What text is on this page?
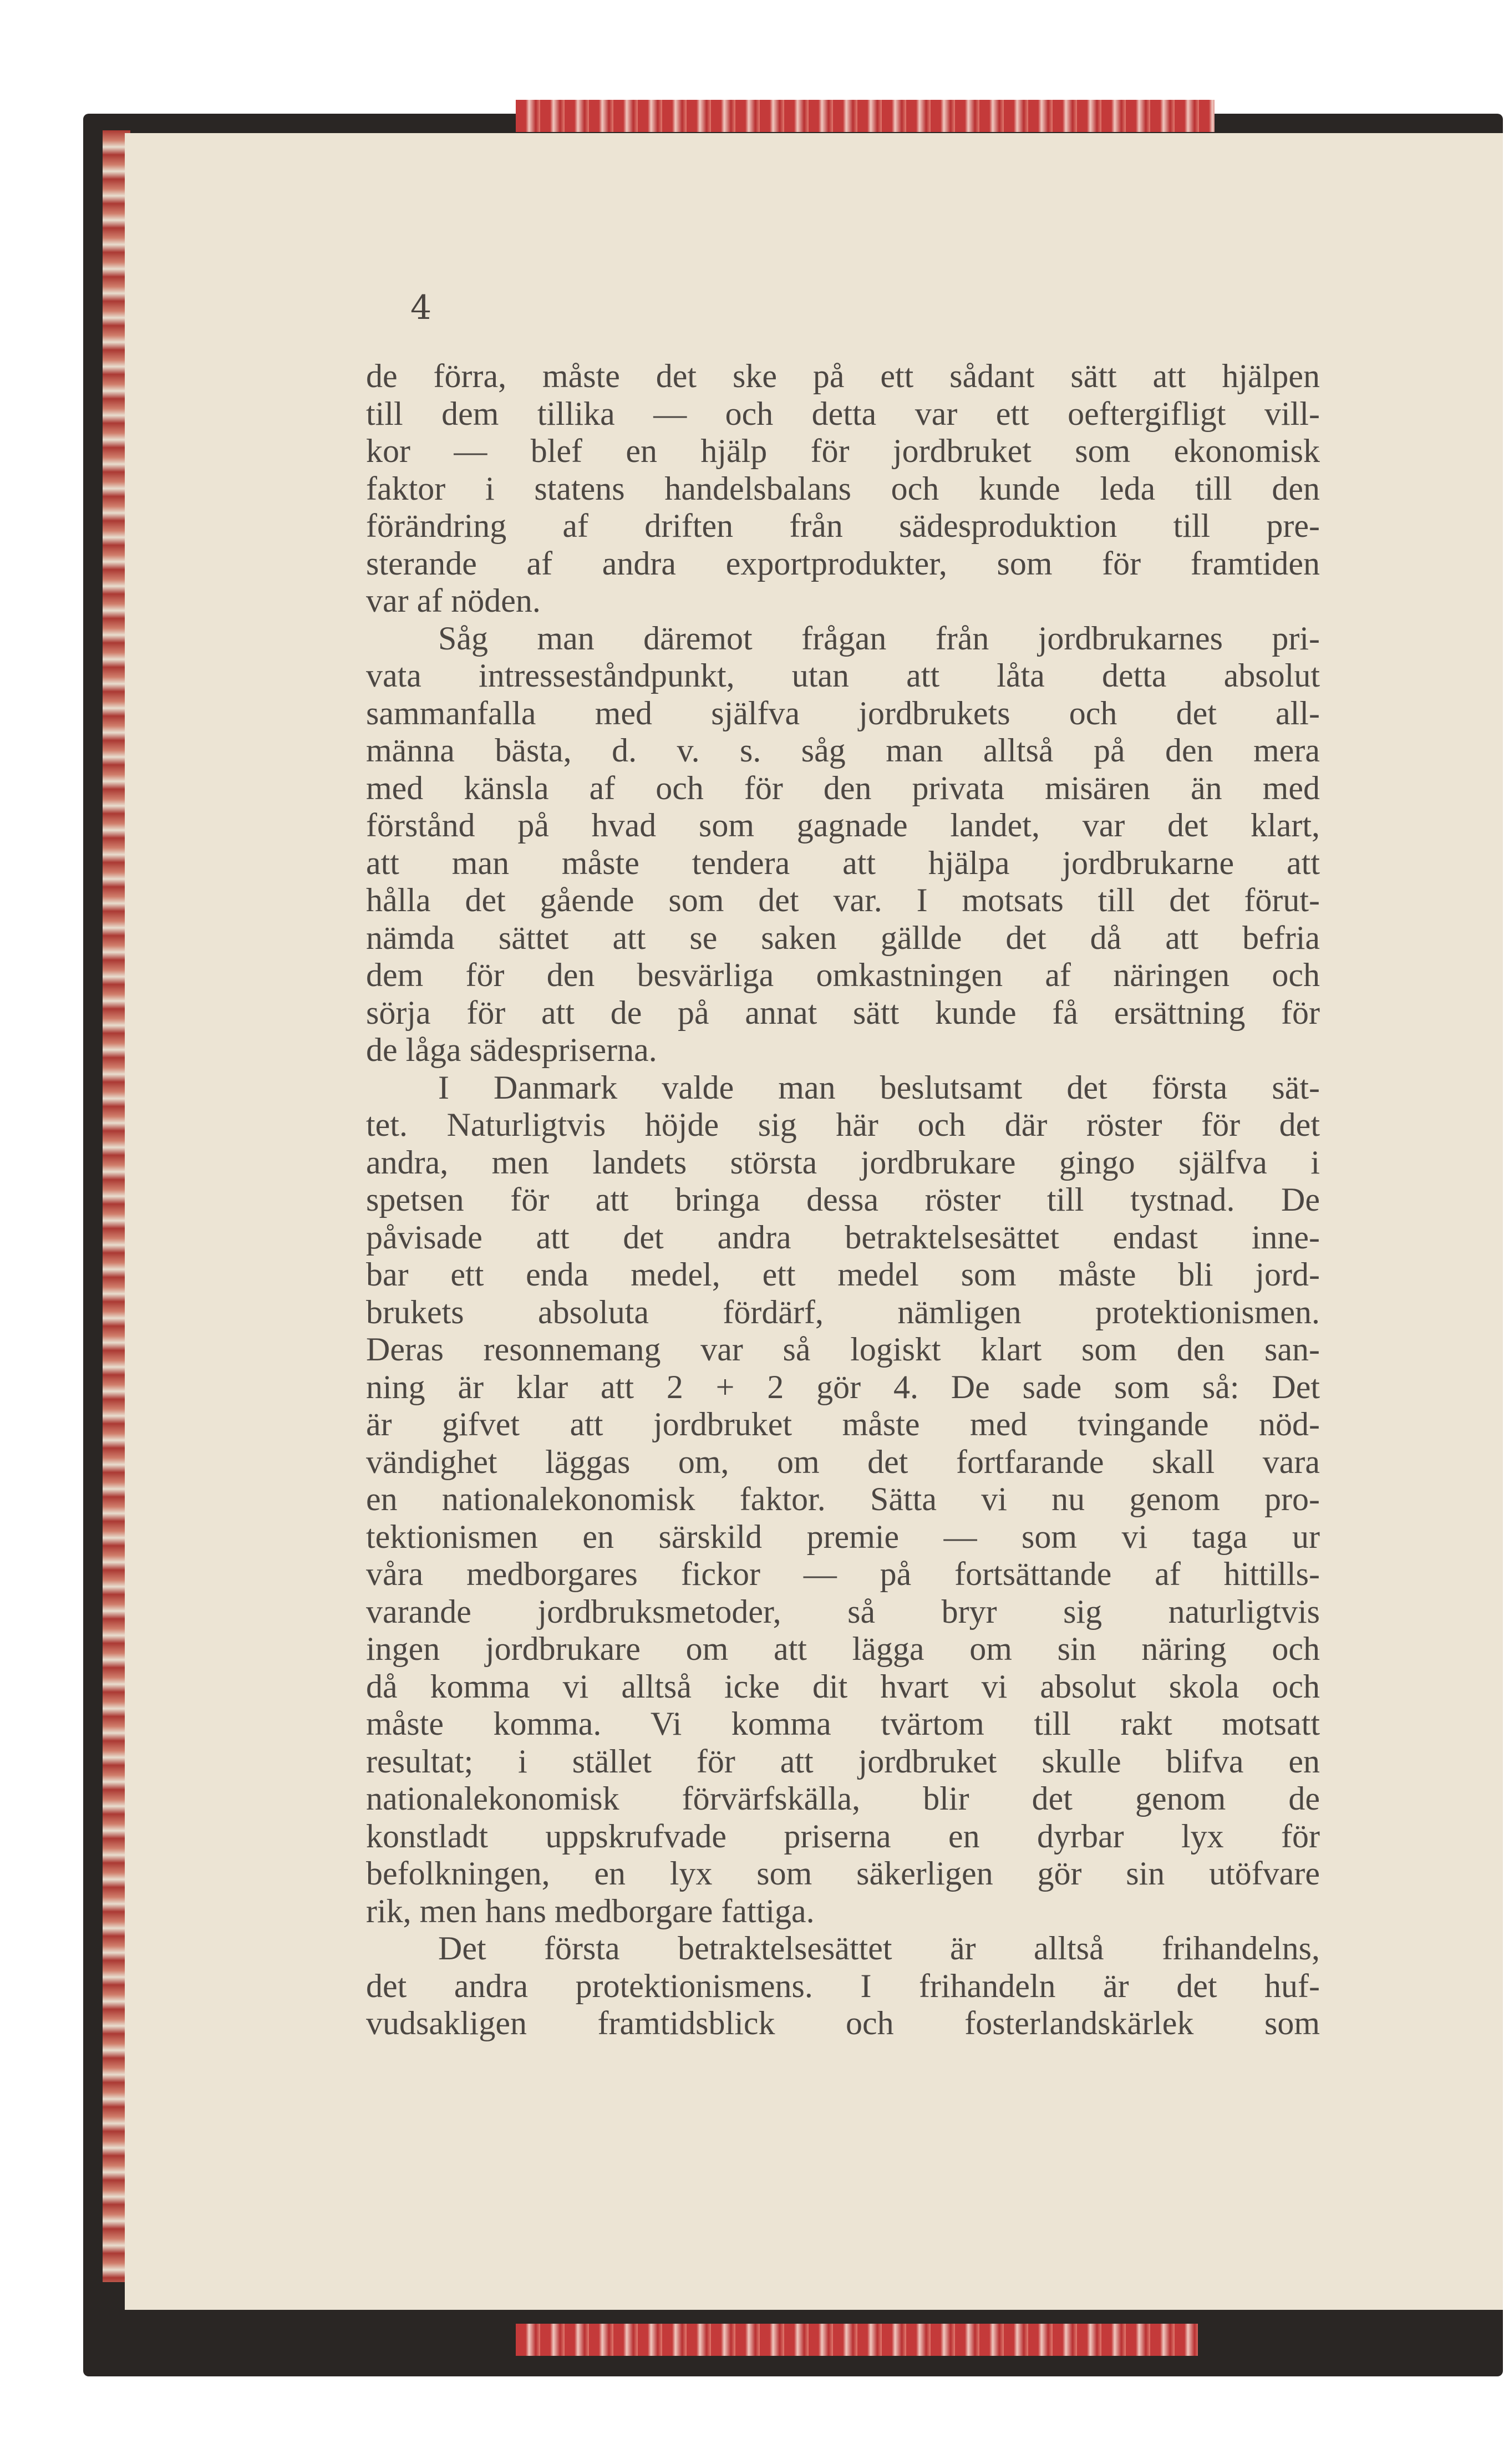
4
de förra, måste det ske på ett sådant sätt att hjälpen
till dem tillika — och detta var ett oeftergifligt vill-
kor — blef en hjälp för jordbruket som ekonomisk
faktor i statens handelsbalans och kunde leda till den
förändring af driften från sädesproduktion till pre-
sterande af andra exportprodukter, som för framtiden
var af nöden.
Såg man däremot frågan från jordbrukarnes pri-
vata intresseståndpunkt, utan att låta detta absolut
sammanfalla med själfva jordbrukets och det all-
männa bästa, d. v. s. såg man alltså på den mera
med känsla af och för den privata misären än med
förstånd på hvad som gagnade landet, var det klart,
att man måste tendera att hjälpa jordbrukarne att
hålla det gående som det var. I motsats till det förut-
nämda sättet att se saken gällde det då att befria
dem för den besvärliga omkastningen af näringen och
sörja för att de på annat sätt kunde få ersättning för
de låga sädespriserna.
I Danmark valde man beslutsamt det första sät-
tet. Naturligtvis höjde sig här och där röster för det
andra, men landets största jordbrukare gingo själfva i
spetsen för att bringa dessa röster till tystnad. De
påvisade att det andra betraktelsesättet endast inne-
bar ett enda medel, ett medel som måste bli jord-
brukets absoluta fördärf, nämligen protektionismen.
Deras resonnemang var så logiskt klart som den san-
ning är klar att 2 + 2 gör 4. De sade som så: Det
är gifvet att jordbruket måste med tvingande nöd-
vändighet läggas om, om det fortfarande skall vara
en nationalekonomisk faktor. Sätta vi nu genom pro-
tektionismen en särskild premie — som vi taga ur
våra medborgares fickor — på fortsättande af hittills-
varande jordbruksmetoder, så bryr sig naturligtvis
ingen jordbrukare om att lägga om sin näring och
då komma vi alltså icke dit hvart vi absolut skola och
måste komma. Vi komma tvärtom till rakt motsatt
resultat; i stället för att jordbruket skulle blifva en
nationalekonomisk förvärfskälla, blir det genom de
konstladt uppskrufvade priserna en dyrbar lyx för
befolkningen, en lyx som säkerligen gör sin utöfvare
rik, men hans medborgare fattiga.
Det första betraktelsesättet är alltså frihandelns,
det andra protektionismens. I frihandeln är det huf-
vudsakligen framtidsblick och fosterlandskärlek som
